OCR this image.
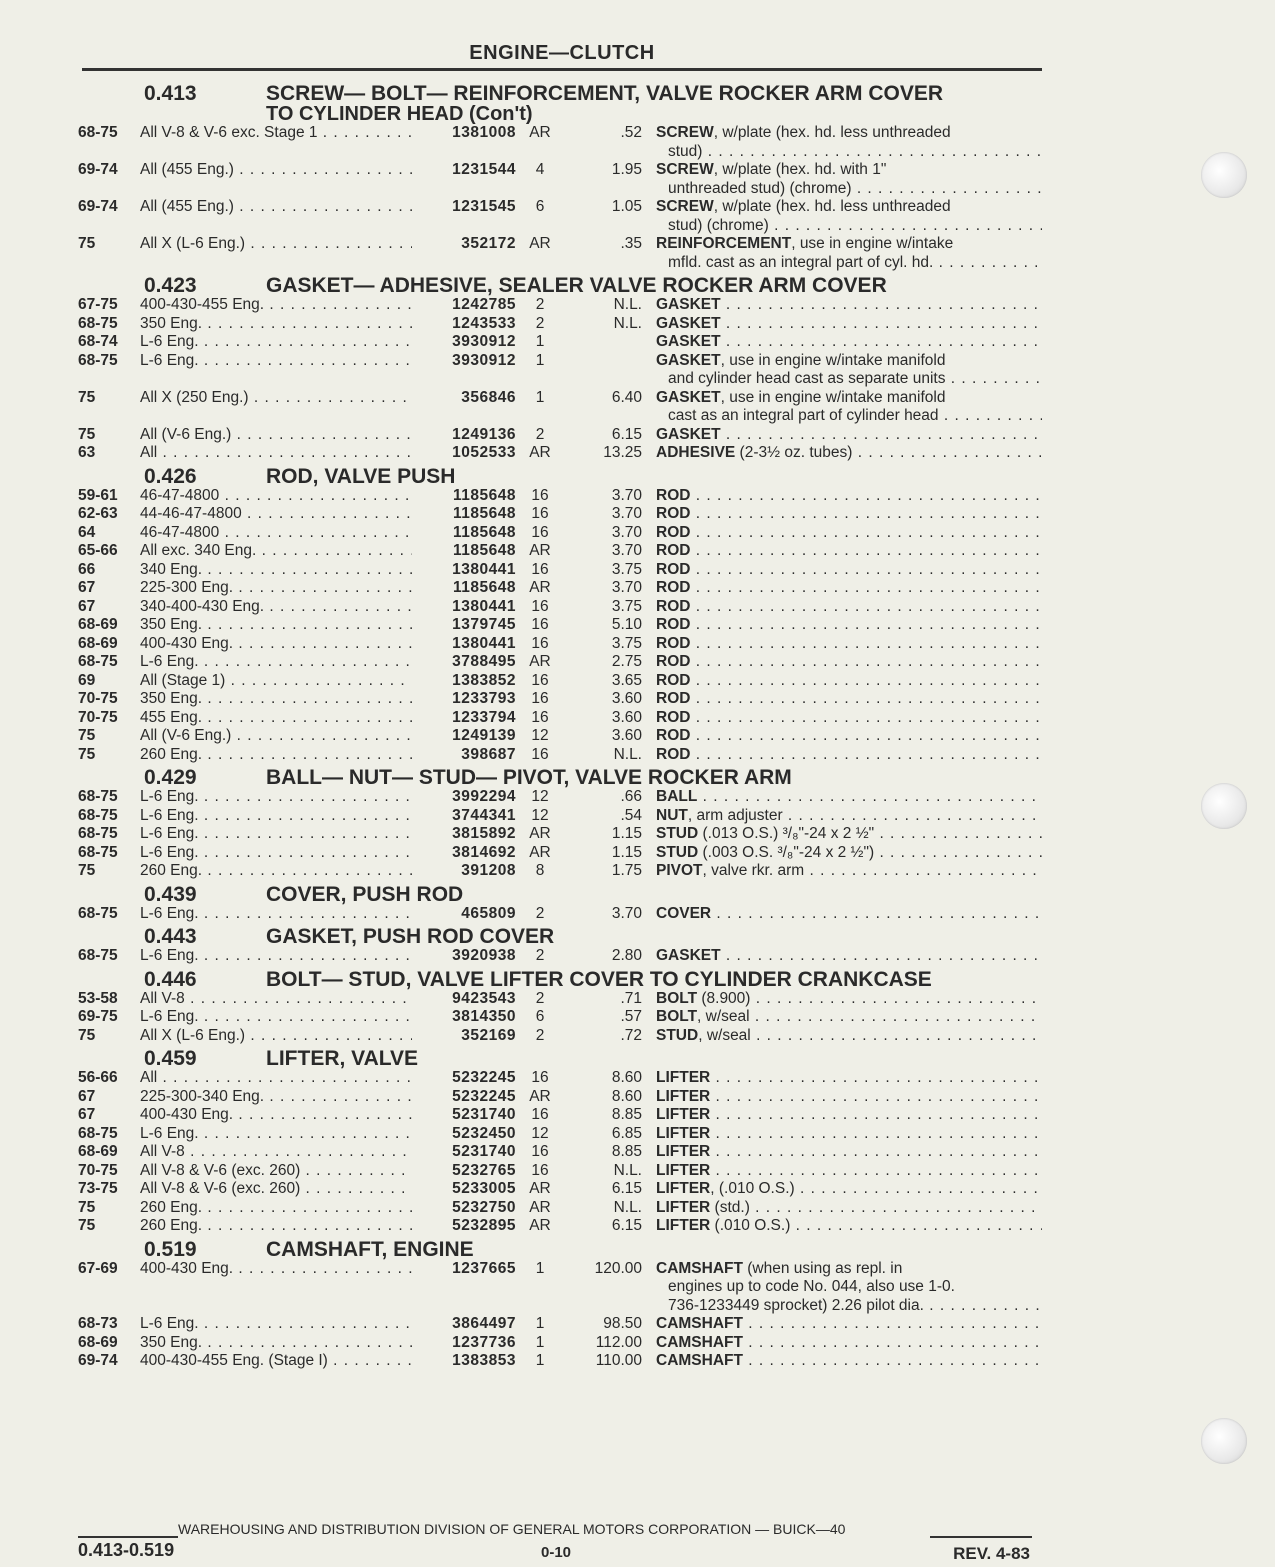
ENGINE—CLUTCH
0.413	SCREW— BOLT— REINFORCEMENT, VALVE ROCKER ARM COVER
TO CYLINDER HEAD (Con't)
68-75	All V-8 & V-6 exc. Stage 1 . . .	1381008 AR	.52 SCREW, w/plate (hex. hd. less unthreaded
stud) . . .
69-74	All (455 Eng.) . . .	1231544	4	1.95 SCREW, w/plate (hex. hd. with 1"
unthreaded stud) (chrome) . . .
69-74	All (455 Eng.) . . .	1231545	6	1.05 SCREW, w/plate (hex. hd. less unthreaded
stud) (chrome) . . .
75	All X (L-6 Eng.) . . .	352172 AR	.35 REINFORCEMENT, use in engine w/intake
mfld. cast as an integral part of cyl. hd. . . .
0.423	GASKET— ADHESIVE, SEALER VALVE ROCKER ARM COVER
67-75	400-430-455 Eng. . . .	1242785	2	N.L. GASKET . . .
68-75	350 Eng. . . .	1243533	2	N.L. GASKET . . .
68-74	L-6 Eng. . . .	3930912	1	GASKET . . .
68-75	L-6 Eng. . . .	3930912	1	GASKET, use in engine w/intake manifold
and cylinder head cast as separate units . . .
75	All X (250 Eng.) . . .	356846	1	6.40 GASKET, use in engine w/intake manifold
cast as an integral part of cylinder head . . .
75	All (V-6 Eng.) . . .	1249136	2	6.15 GASKET . . .
63	All . . .	1052533 AR	13.25 ADHESIVE (2-3½ oz. tubes) . . .
0.426	ROD, VALVE PUSH
59-61	46-47-4800 . . .	1185648 16	3.70 ROD . . .
62-63	44-46-47-4800 . . .	1185648 16	3.70 ROD . . .
64	46-47-4800 . . .	1185648 16	3.70 ROD . . .
65-66	All exc. 340 Eng. . . .	1185648 AR	3.70 ROD . . .
66	340 Eng. . . .	1380441 16	3.75 ROD . . .
67	225-300 Eng. . . .	1185648 AR	3.70 ROD . . .
67	340-400-430 Eng. . . .	1380441 16	3.75 ROD . . .
68-69	350 Eng. . . .	1379745 16	5.10 ROD . . .
68-69	400-430 Eng. . . .	1380441 16	3.75 ROD . . .
68-75	L-6 Eng. . . .	3788495 AR	2.75 ROD . . .
69	All (Stage 1) . . .	1383852 16	3.65 ROD . . .
70-75	350 Eng. . . .	1233793 16	3.60 ROD . . .
70-75	455 Eng. . . .	1233794 16	3.60 ROD . . .
75	All (V-6 Eng.) . . .	1249139 12	3.60 ROD . . .
75	260 Eng. . . .	398687 16	N.L. ROD . . .
0.429	BALL— NUT— STUD— PIVOT, VALVE ROCKER ARM
68-75	L-6 Eng. . . .	3992294 12	.66 BALL . . .
68-75	L-6 Eng. . . .	3744341 12	.54 NUT, arm adjuster . . .
68-75	L-6 Eng. . . .	3815892 AR	1.15 STUD (.013 O.S.) ³/₈"-24 x 2 ½" . . .
68-75	L-6 Eng. . . .	3814692 AR	1.15 STUD (.003 O.S. ³/₈"-24 x 2 ½") . . .
75	260 Eng. . . .	391208	8	1.75 PIVOT, valve rkr. arm . . .
0.439	COVER, PUSH ROD
68-75	L-6 Eng. . . .	465809	2	3.70 COVER . . .
0.443	GASKET, PUSH ROD COVER
68-75	L-6 Eng. . . .	3920938	2	2.80 GASKET . . .
0.446	BOLT— STUD, VALVE LIFTER COVER TO CYLINDER CRANKCASE
53-58	All V-8 . . .	9423543	2	.71 BOLT (8.900) . . .
69-75	L-6 Eng. . . .	3814350	6	.57 BOLT, w/seal . . .
75	All X (L-6 Eng.) . . .	352169	2	.72 STUD, w/seal . . .
0.459	LIFTER, VALVE
56-66	All . . .	5232245 16	8.60 LIFTER . . .
67	225-300-340 Eng. . . .	5232245 AR	8.60 LIFTER . . .
67	400-430 Eng. . . .	5231740 16	8.85 LIFTER . . .
68-75	L-6 Eng. . . .	5232450 12	6.85 LIFTER . . .
68-69	All V-8 . . .	5231740 16	8.85 LIFTER . . .
70-75	All V-8 & V-6 (exc. 260) . . .	5232765 16	N.L. LIFTER . . .
73-75	All V-8 & V-6 (exc. 260) . . .	5233005 AR	6.15 LIFTER, (.010 O.S.) . . .
75	260 Eng. . . .	5232750 AR	N.L. LIFTER (std.) . . .
75	260 Eng. . . .	5232895 AR	6.15 LIFTER (.010 O.S.) . . .
0.519	CAMSHAFT, ENGINE
67-69	400-430 Eng. . . .	1237665	1	120.00 CAMSHAFT (when using as repl. in
engines up to code No. 044, also use 1-0.
736-1233449 sprocket) 2.26 pilot dia. . . .
68-73	L-6 Eng. . . .	3864497	1	98.50 CAMSHAFT . . .
68-69	350 Eng. . . .	1237736	1	112.00 CAMSHAFT . . .
69-74	400-430-455 Eng. (Stage I) . . .	1383853	1	110.00 CAMSHAFT . . .
WAREHOUSING AND DISTRIBUTION DIVISION OF GENERAL MOTORS CORPORATION — BUICK—40
0.413-0.519	0-10	REV. 4-83
